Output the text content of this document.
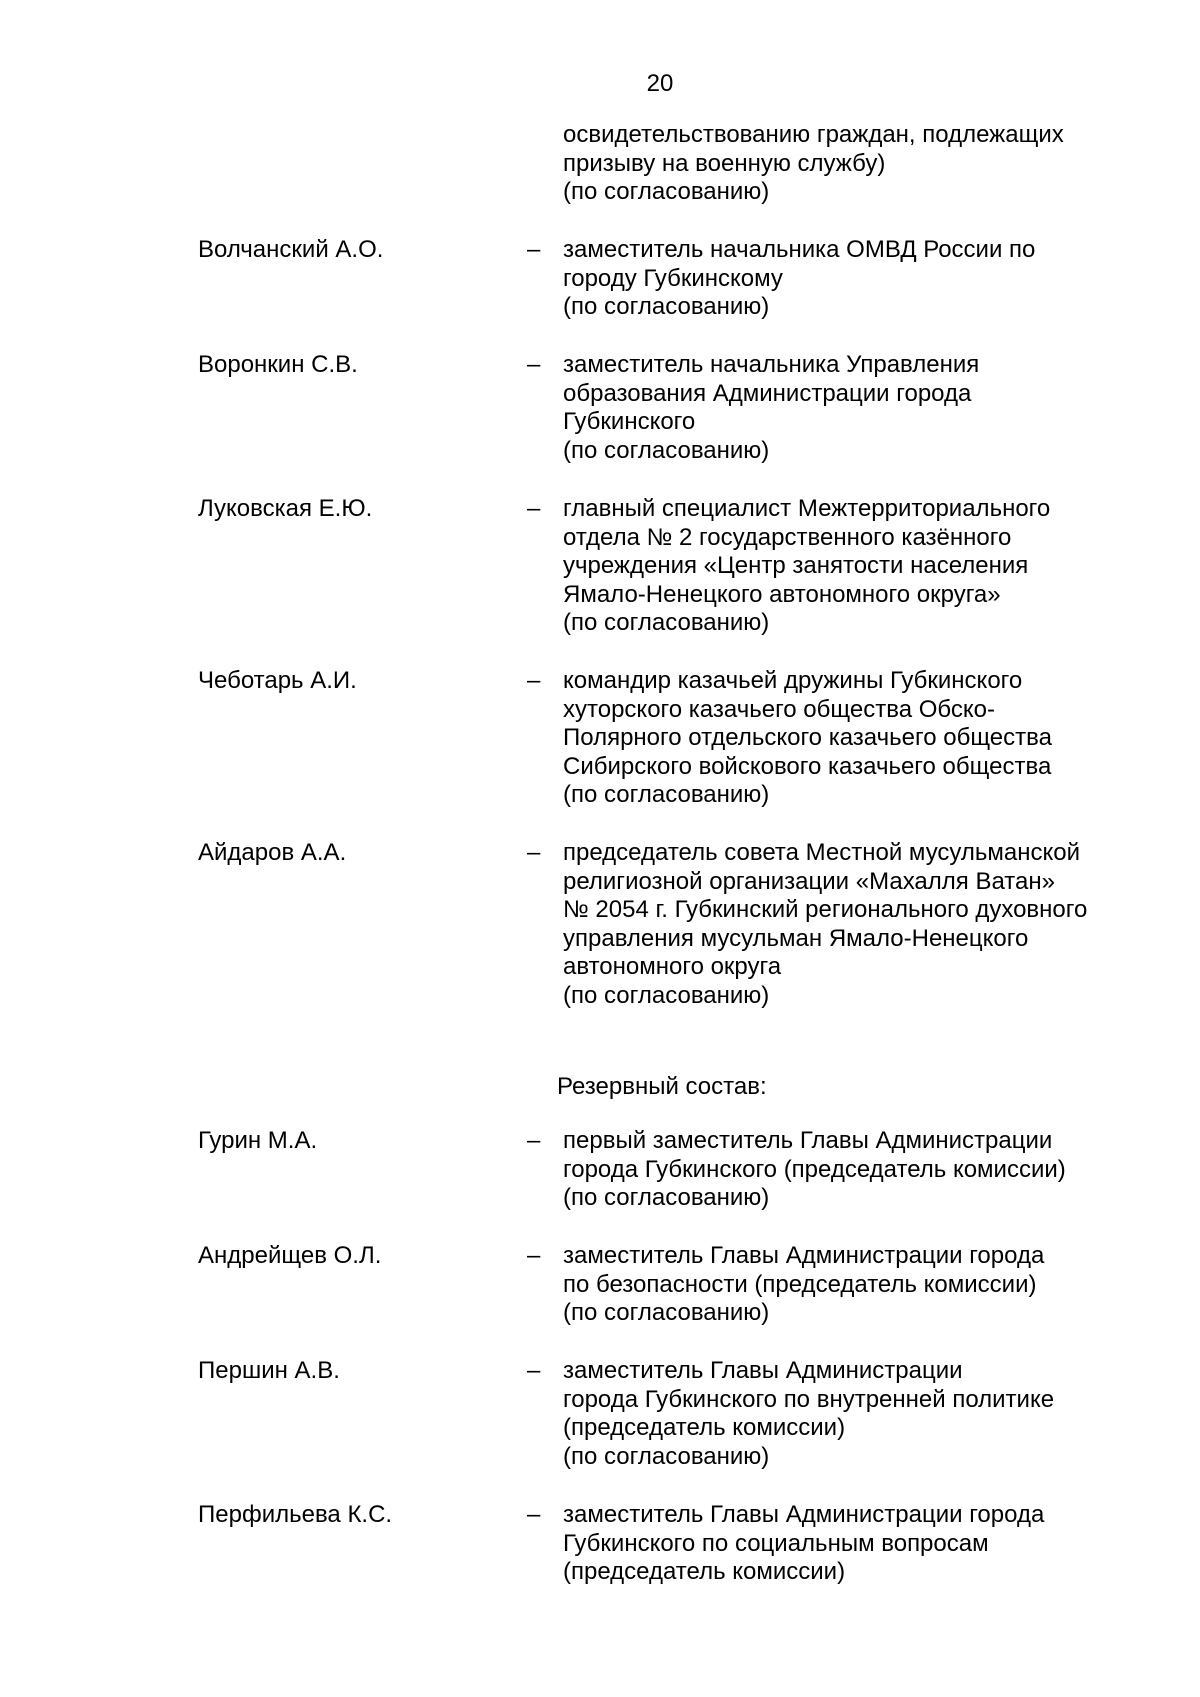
20
освидетельствованию граждан, подлежащих
призыву на военную службу)
(по согласованию)
Волчанский А.О.	– заместитель начальника ОМВД России по
городу Губкинскому
(по согласованию)
Воронкин С.В.	– заместитель начальника Управления
образования Администрации города
Губкинского
(по согласованию)
Луковская Е.Ю.	– главный специалист Межтерриториального
отдела № 2 государственного казённого
учреждения «Центр занятости населения
Ямало-Ненецкого автономного округа»
(по согласованию)
Чеботарь А.И.	– командир казачьей дружины Губкинского
хуторского казачьего общества Обско-
Полярного отдельского казачьего общества
Сибирского войскового казачьего общества
(по согласованию)
Айдаров А.А.	– председатель совета Местной мусульманской
религиозной организации «Махалля Ватан»
№ 2054 г. Губкинский регионального духовного
управления мусульман Ямало-Ненецкого
автономного округа
(по согласованию)
Резервный состав:
Гурин М.А.	– первый заместитель Главы Администрации
города Губкинского (председатель комиссии)
(по согласованию)
Андрейщев О.Л.	– заместитель Главы Администрации города
по безопасности (председатель комиссии)
(по согласованию)
Першин А.В.	– заместитель Главы Администрации
города Губкинского по внутренней политике
(председатель комиссии)
(по согласованию)
Перфильева К.С.	– заместитель Главы Администрации города
Губкинского по социальным вопросам
(председатель комиссии)
